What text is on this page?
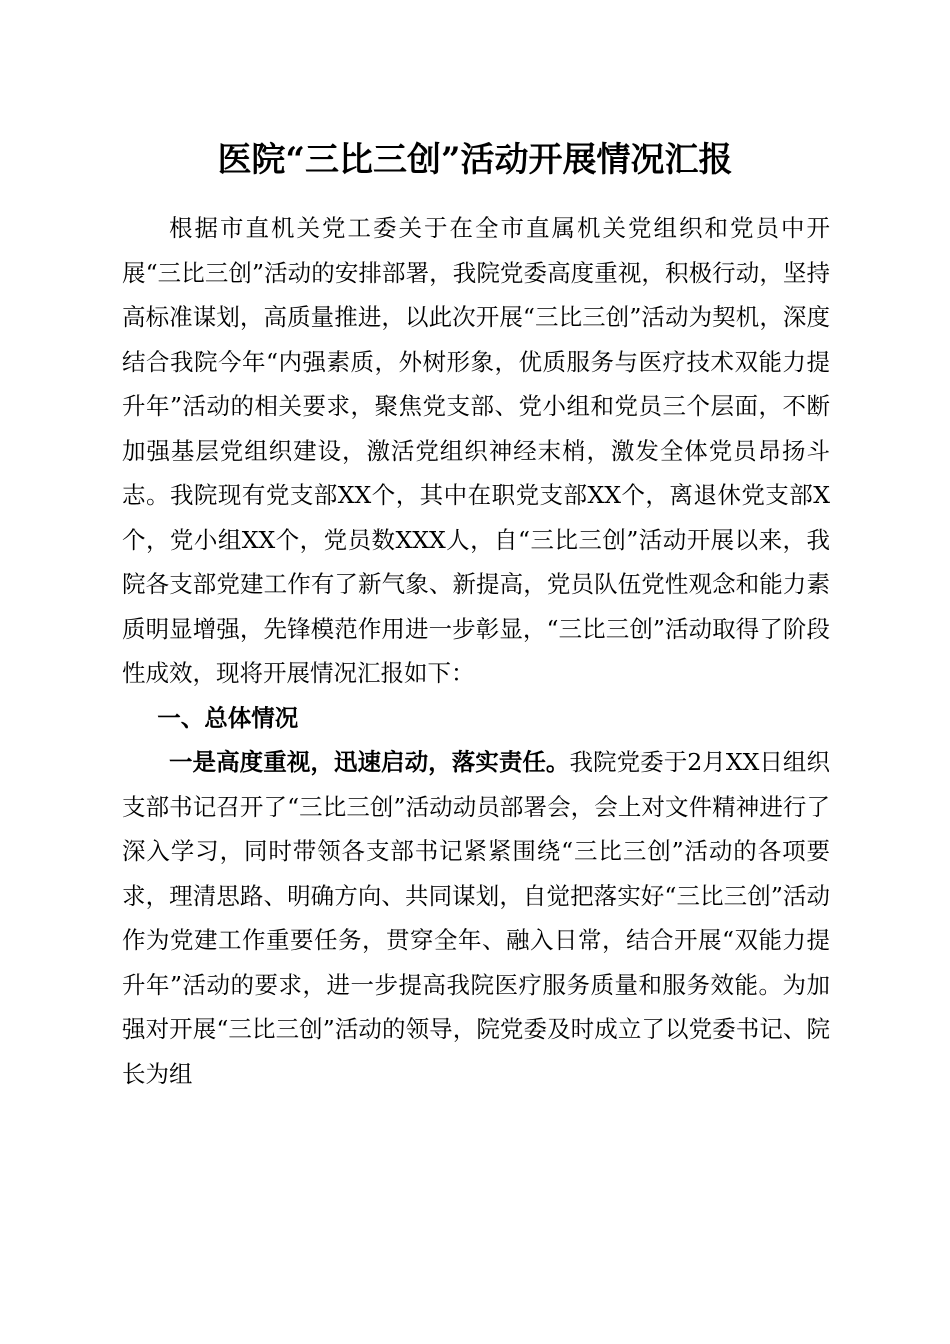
医院“三比三创”活动开展情况汇报

根据市直机关党工委关于在全市直属机关党组织和党员中开展“三比三创”活动的安排部署，我院党委高度重视，积极行动，坚持高标准谋划，高质量推进，以此次开展“三比三创”活动为契机，深度结合我院今年“内强素质，外树形象，优质服务与医疗技术双能力提升年”活动的相关要求，聚焦党支部、党小组和党员三个层面，不断加强基层党组织建设，激活党组织神经末梢，激发全体党员昂扬斗志。我院现有党支部XX个，其中在职党支部XX个，离退休党支部X个，党小组XX个，党员数XXX人，自“三比三创”活动开展以来，我院各支部党建工作有了新气象、新提高，党员队伍党性观念和能力素质明显增强，先锋模范作用进一步彰显，“三比三创”活动取得了阶段性成效，现将开展情况汇报如下：

一、总体情况

一是高度重视，迅速启动，落实责任。我院党委于2月XX日组织支部书记召开了“三比三创”活动动员部署会，会上对文件精神进行了深入学习，同时带领各支部书记紧紧围绕“三比三创”活动的各项要求，理清思路、明确方向、共同谋划，自觉把落实好“三比三创”活动作为党建工作重要任务，贯穿全年、融入日常，结合开展“双能力提升年”活动的要求，进一步提高我院医疗服务质量和服务效能。为加强对开展“三比三创”活动的领导，院党委及时成立了以党委书记、院长为组
